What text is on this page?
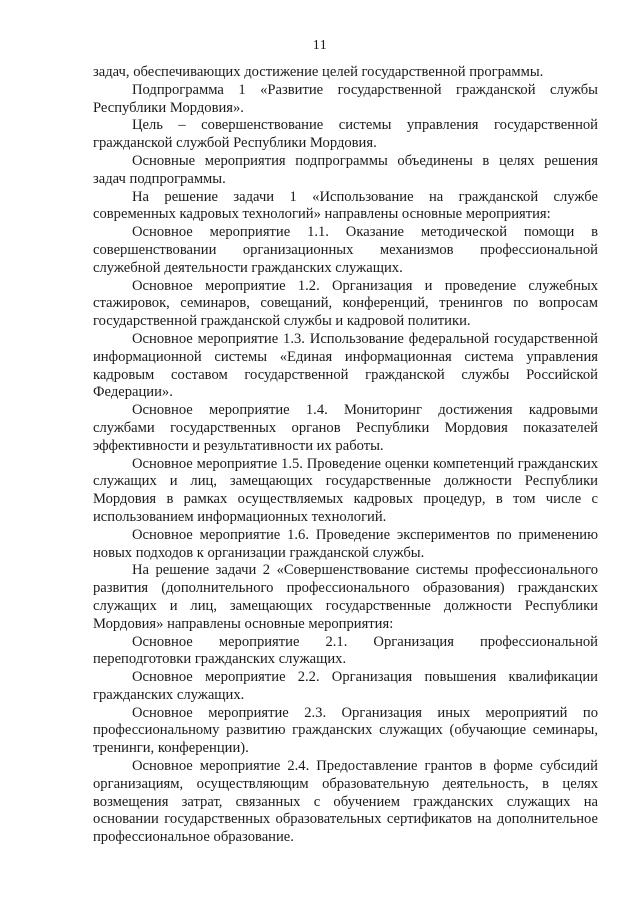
11

задач, обеспечивающих достижение целей государственной программы.

Подпрограмма 1 «Развитие государственной гражданской службы Республики Мордовия».

Цель – совершенствование системы управления государственной гражданской службой Республики Мордовия.

Основные мероприятия подпрограммы объединены в целях решения задач подпрограммы.

На решение задачи 1 «Использование на гражданской службе современных кадровых технологий» направлены основные мероприятия:

Основное мероприятие 1.1. Оказание методической помощи в совершенствовании организационных механизмов профессиональной служебной деятельности гражданских служащих.

Основное мероприятие 1.2. Организация и проведение служебных стажировок, семинаров, совещаний, конференций, тренингов по вопросам государственной гражданской службы и кадровой политики.

Основное мероприятие 1.3. Использование федеральной государственной информационной системы «Единая информационная система управления кадровым составом государственной гражданской службы Российской Федерации».

Основное мероприятие 1.4. Мониторинг достижения кадровыми службами государственных органов Республики Мордовия показателей эффективности и результативности их работы.

Основное мероприятие 1.5. Проведение оценки компетенций гражданских служащих и лиц, замещающих государственные должности Республики Мордовия в рамках осуществляемых кадровых процедур, в том числе с использованием информационных технологий.

Основное мероприятие 1.6. Проведение экспериментов по применению новых подходов к организации гражданской службы.

На решение задачи 2 «Совершенствование системы профессионального развития (дополнительного профессионального образования) гражданских служащих и лиц, замещающих государственные должности Республики Мордовия» направлены основные мероприятия:

Основное мероприятие 2.1. Организация профессиональной переподготовки гражданских служащих.

Основное мероприятие 2.2. Организация повышения квалификации гражданских служащих.

Основное мероприятие 2.3. Организация иных мероприятий по профессиональному развитию гражданских служащих (обучающие семинары, тренинги, конференции).

Основное мероприятие 2.4. Предоставление грантов в форме субсидий организациям, осуществляющим образовательную деятельность, в целях возмещения затрат, связанных с обучением гражданских служащих на основании государственных образовательных сертификатов на дополнительное профессиональное образование.
